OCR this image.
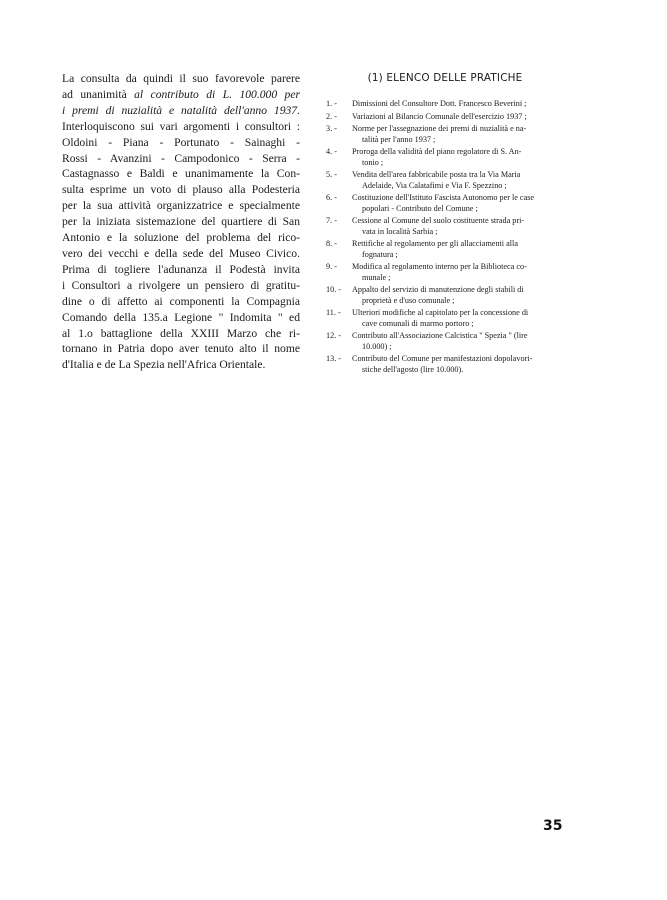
La consulta da quindi il suo favorevole parere
ad unanimità al contributo di L. 100.000 per
i premi di nuzialità e natalità dell'anno 1937.
Interloquiscono sui vari argomenti i consultori :
Oldoini - Piana - Portunato - Sainaghi -
Rossi - Avanzini - Campodonico - Serra -
Castagnasso e Baldi e unanimamente la Con-
sulta esprime un voto di plauso alla Podesteria
per la sua attività organizzatrice e specialmente
per la iniziata sistemazione del quartiere di San
Antonio e la soluzione del problema del rico-
vero dei vecchi e della sede del Museo Civico.
Prima di togliere l'adunanza il Podestà invita
i Consultori a rivolgere un pensiero di gratitu-
dine o di affetto ai componenti la Compagnia
Comando della 135.a Legione " Indomita " ed
al 1.o battaglione della XXIII Marzo che ri-
tornano in Patria dopo aver tenuto alto il nome
d'Italia e de La Spezia nell'Africa Orientale.
(1) ELENCO DELLE PRATICHE
1. -	Dimissioni del Consultore Dott. Francesco Beverini ;
2. -	Variazioni al Bilancio Comunale dell'esercizio 1937 ;
3. -	Norme per l'assegnazione dei premi di nuzialità e na-
talità per l'anno 1937 ;
4. -	Proroga della validità del piano regolatore di S. An-
tonio ;
5. -	Vendita dell'area fabbricabile posta tra la Via Maria
Adelaide, Via Calatafimi e Via F. Spezzino ;
6. -	Costituzione dell'Istituto Fascista Autonomo per le case
popolari - Contributo del Comune ;
7. -	Cessione al Comune del suolo costituente strada pri-
vata in località Sarbia ;
8. -	Rettifiche al regolamento per gli allacciamenti alla
fognatura ;
9. -	Modifica al regolamento interno per la Biblioteca co-
munale ;
10. -	Appalto del servizio di manutenzione degli stabili di
proprietà e d'uso comunale ;
11. -	Ulteriori modifiche al capitolato per la concessione di
cave comunali di marmo portoro ;
12. -	Contributo all'Associazione Calcistica " Spezia " (lire
10.000) ;
13. -	Contributo del Comune per manifestazioni dopolavori-
stiche dell'agosto (lire 10.000).
35
